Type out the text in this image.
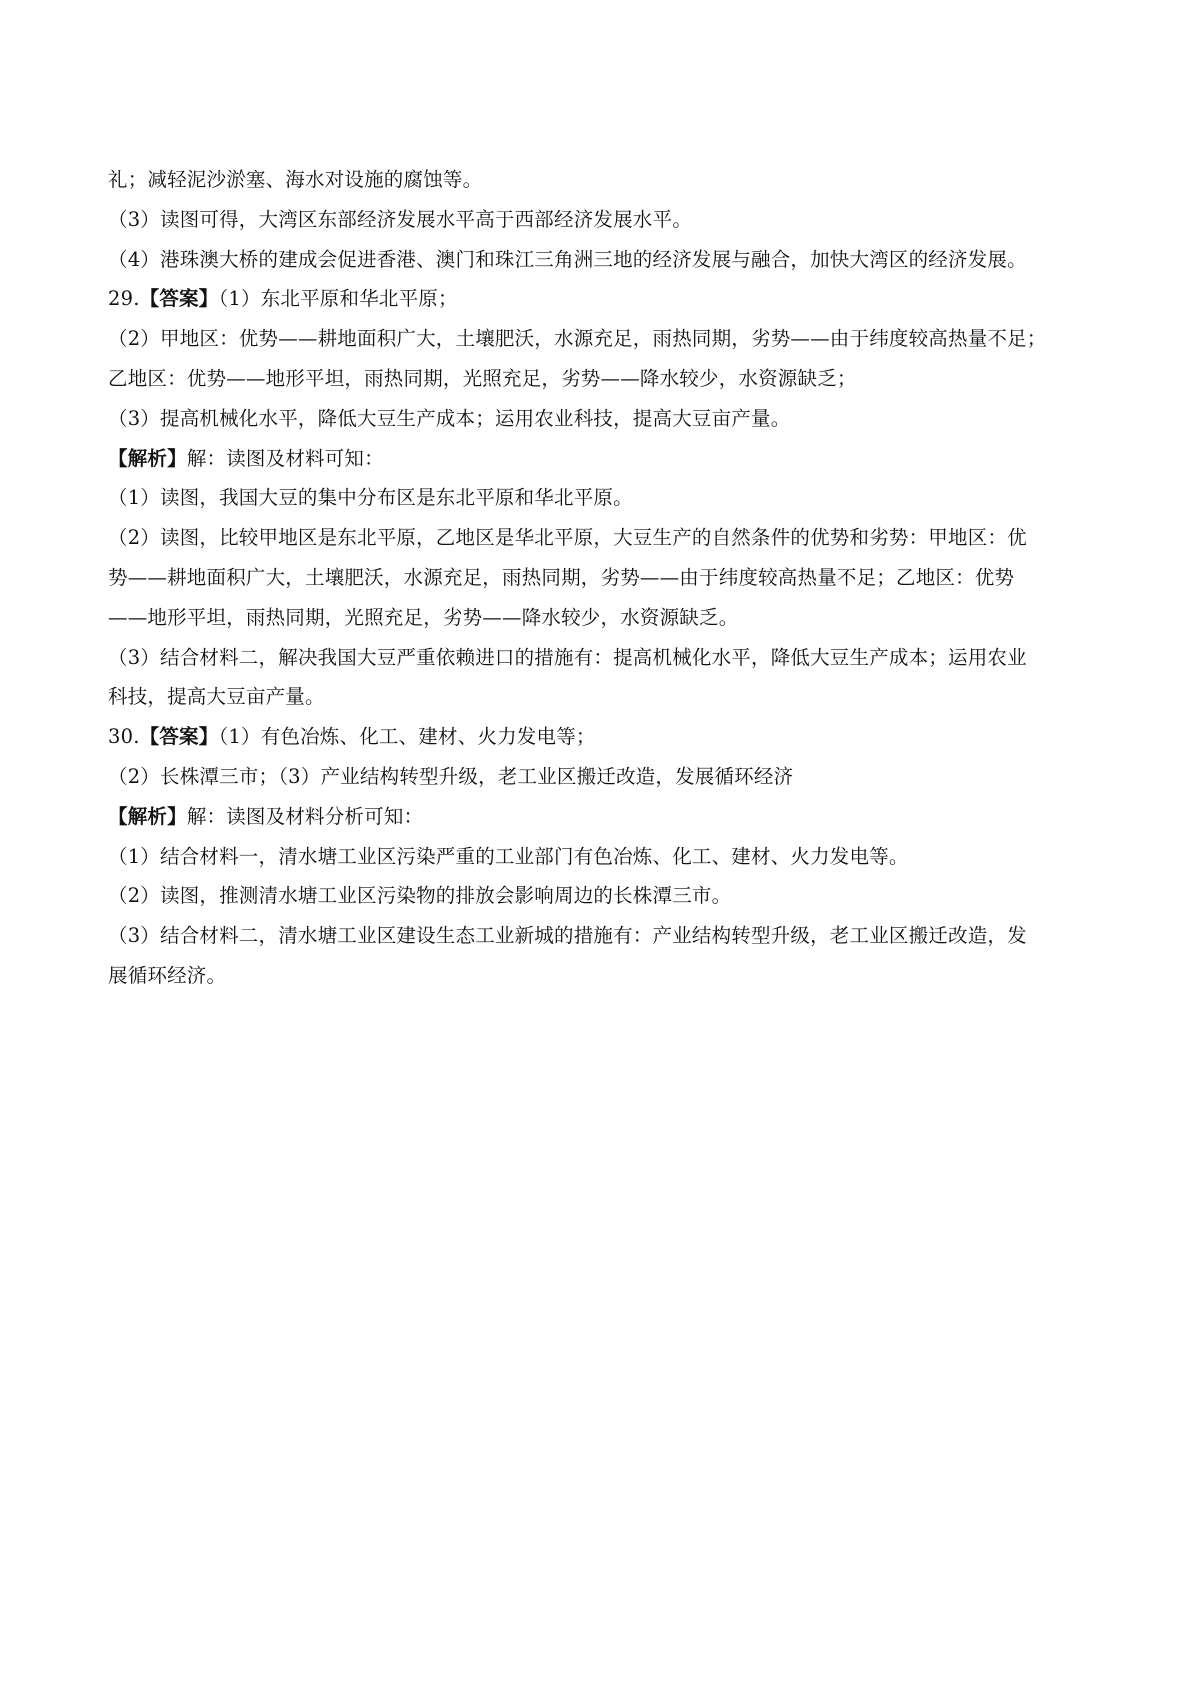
礼；减轻泥沙淤塞、海水对设施的腐蚀等。
（3）读图可得，大湾区东部经济发展水平高于西部经济发展水平。
（4）港珠澳大桥的建成会促进香港、澳门和珠江三角洲三地的经济发展与融合，加快大湾区的经济发展。
29.【答案】（1）东北平原和华北平原；
（2）甲地区：优势——耕地面积广大，土壤肥沃，水源充足，雨热同期，劣势——由于纬度较高热量不足；
乙地区：优势——地形平坦，雨热同期，光照充足，劣势——降水较少，水资源缺乏；
（3）提高机械化水平，降低大豆生产成本；运用农业科技，提高大豆亩产量。
【解析】解：读图及材料可知：
（1）读图，我国大豆的集中分布区是东北平原和华北平原。
（2）读图，比较甲地区是东北平原，乙地区是华北平原，大豆生产的自然条件的优势和劣势：甲地区：优
势——耕地面积广大，土壤肥沃，水源充足，雨热同期，劣势——由于纬度较高热量不足；乙地区：优势
——地形平坦，雨热同期，光照充足，劣势——降水较少，水资源缺乏。
（3）结合材料二，解决我国大豆严重依赖进口的措施有：提高机械化水平，降低大豆生产成本；运用农业
科技，提高大豆亩产量。
30.【答案】（1）有色冶炼、化工、建材、火力发电等；
（2）长株潭三市；（3）产业结构转型升级，老工业区搬迁改造，发展循环经济
【解析】解：读图及材料分析可知：
（1）结合材料一，清水塘工业区污染严重的工业部门有色冶炼、化工、建材、火力发电等。
（2）读图，推测清水塘工业区污染物的排放会影响周边的长株潭三市。
（3）结合材料二，清水塘工业区建设生态工业新城的措施有：产业结构转型升级，老工业区搬迁改造，发
展循环经济。
